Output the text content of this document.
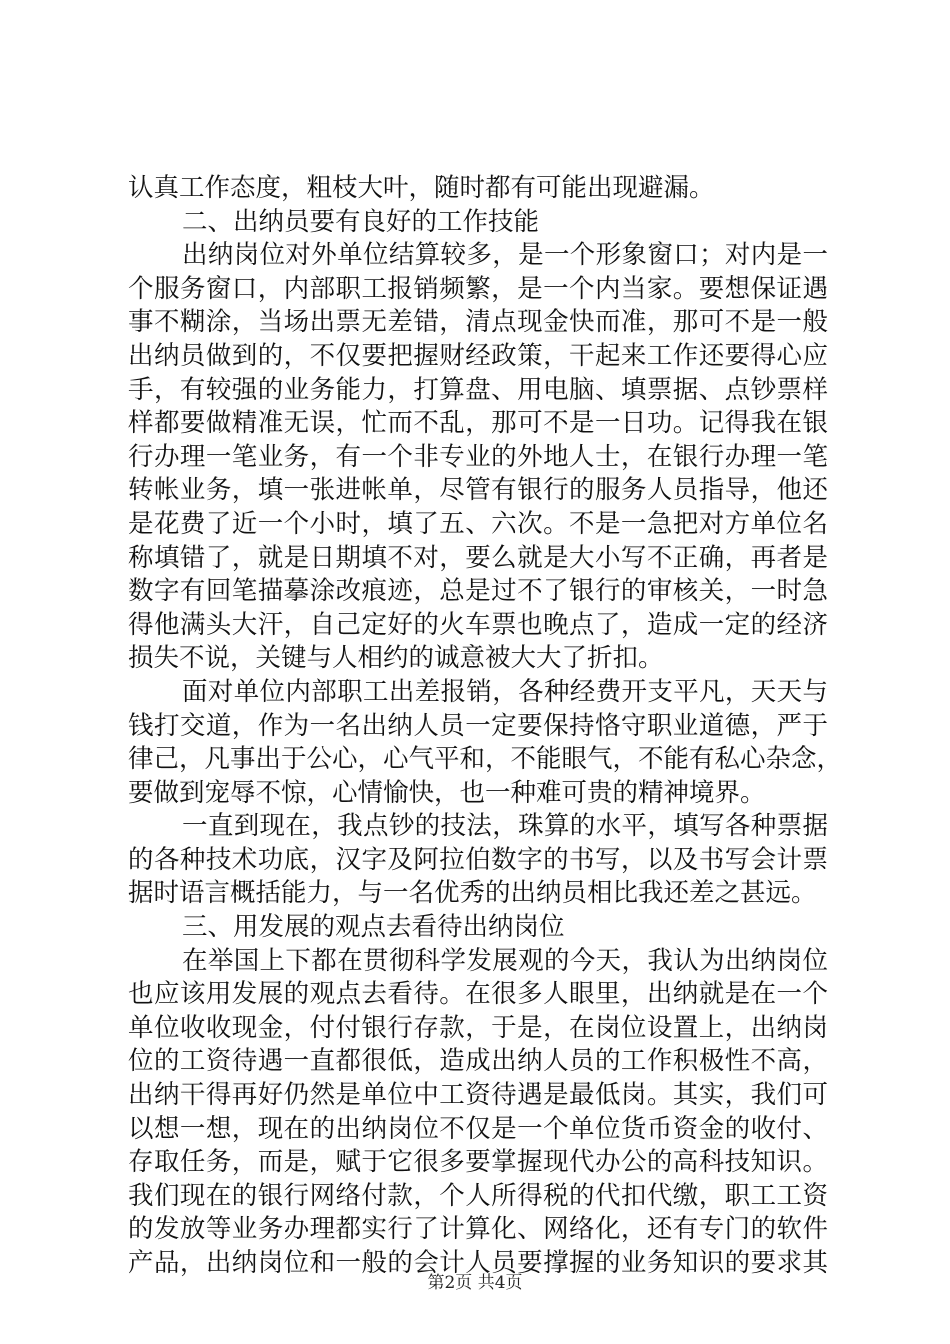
认真工作态度，粗枝大叶，随时都有可能出现避漏。
二、出纳员要有良好的工作技能
出纳岗位对外单位结算较多，是一个形象窗口；对内是一
个服务窗口，内部职工报销频繁，是一个内当家。要想保证遇
事不糊涂，当场出票无差错，清点现金快而准，那可不是一般
出纳员做到的，不仅要把握财经政策，干起来工作还要得心应
手，有较强的业务能力，打算盘、用电脑、填票据、点钞票样
样都要做精准无误，忙而不乱，那可不是一日功。记得我在银
行办理一笔业务，有一个非专业的外地人士，在银行办理一笔
转帐业务，填一张进帐单，尽管有银行的服务人员指导，他还
是花费了近一个小时，填了五、六次。不是一急把对方单位名
称填错了，就是日期填不对，要么就是大小写不正确，再者是
数字有回笔描摹涂改痕迹，总是过不了银行的审核关，一时急
得他满头大汗，自己定好的火车票也晚点了，造成一定的经济
损失不说，关键与人相约的诚意被大大了折扣。
面对单位内部职工出差报销，各种经费开支平凡，天天与
钱打交道，作为一名出纳人员一定要保持恪守职业道德，严于
律己，凡事出于公心，心气平和，不能眼气，不能有私心杂念，
要做到宠辱不惊，心情愉快，也一种难可贵的精神境界。
一直到现在，我点钞的技法，珠算的水平，填写各种票据
的各种技术功底，汉字及阿拉伯数字的书写，以及书写会计票
据时语言概括能力，与一名优秀的出纳员相比我还差之甚远。
三、用发展的观点去看待出纳岗位
在举国上下都在贯彻科学发展观的今天，我认为出纳岗位
也应该用发展的观点去看待。在很多人眼里，出纳就是在一个
单位收收现金，付付银行存款，于是，在岗位设置上，出纳岗
位的工资待遇一直都很低，造成出纳人员的工作积极性不高，
出纳干得再好仍然是单位中工资待遇是最低岗。其实，我们可
以想一想，现在的出纳岗位不仅是一个单位货币资金的收付、
存取任务，而是，赋于它很多要掌握现代办公的高科技知识。
我们现在的银行网络付款，个人所得税的代扣代缴，职工工资
的发放等业务办理都实行了计算化、网络化，还有专门的软件
产品，出纳岗位和一般的会计人员要撑握的业务知识的要求其
第2页 共4页
